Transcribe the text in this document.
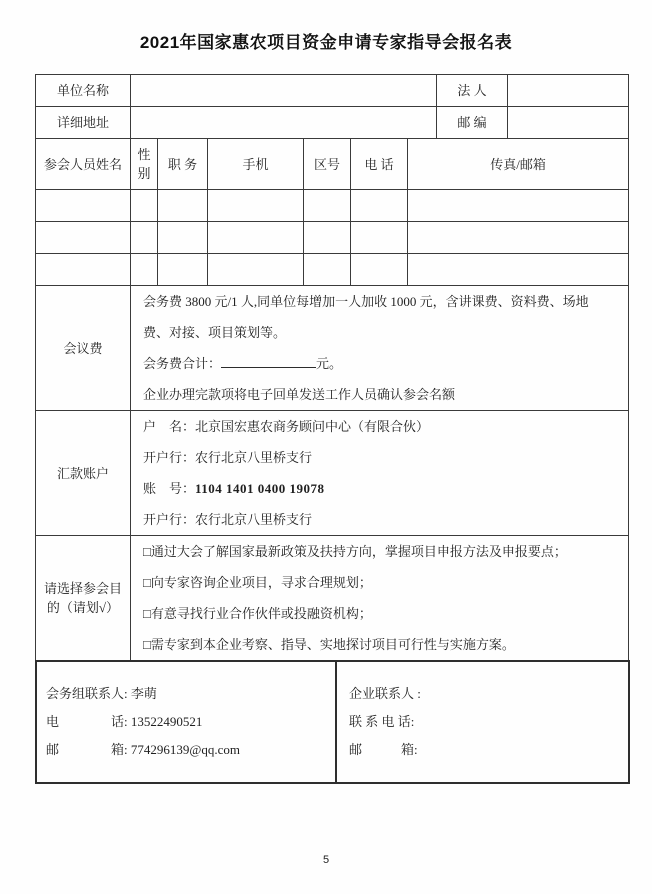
2021年国家惠农项目资金申请专家指导会报名表
单位名称							法 人	
详细地址							邮 编	
参会人员姓名	性别	职 务	手机	区号	电 话	传真/邮箱		

会议费	会务费 3800 元/1 人,同单位每增加一人加收 1000 元，含讲课费、资料费、场地费、对接、项目策划等。
会务费合计： 元。
企业办理完款项将电子回单发送工作人员确认参会名额							

汇款账户	户　名：北京国宏惠农商务顾问中心（有限合伙）
开户行：农行北京八里桥支行
账　号：1104 1401 0400 19078
开户行：农行北京八里桥支行							

请选择参会目的（请划√）	□通过大会了解国家最新政策及扶持方向，掌握项目申报方法及申报要点；
□向专家咨询企业项目，寻求合理规划；
□有意寻找行业合作伙伴或投融资机构；
□需专家到本企业考察、指导、实地探讨项目可行性与实施方案。							
会务组联系人: 李萌
电　　　　话: 13522490521
邮　　　　箱: 774296139@qq.com

企业联系人 :
联 系 电 话:
邮　　　箱:
5
